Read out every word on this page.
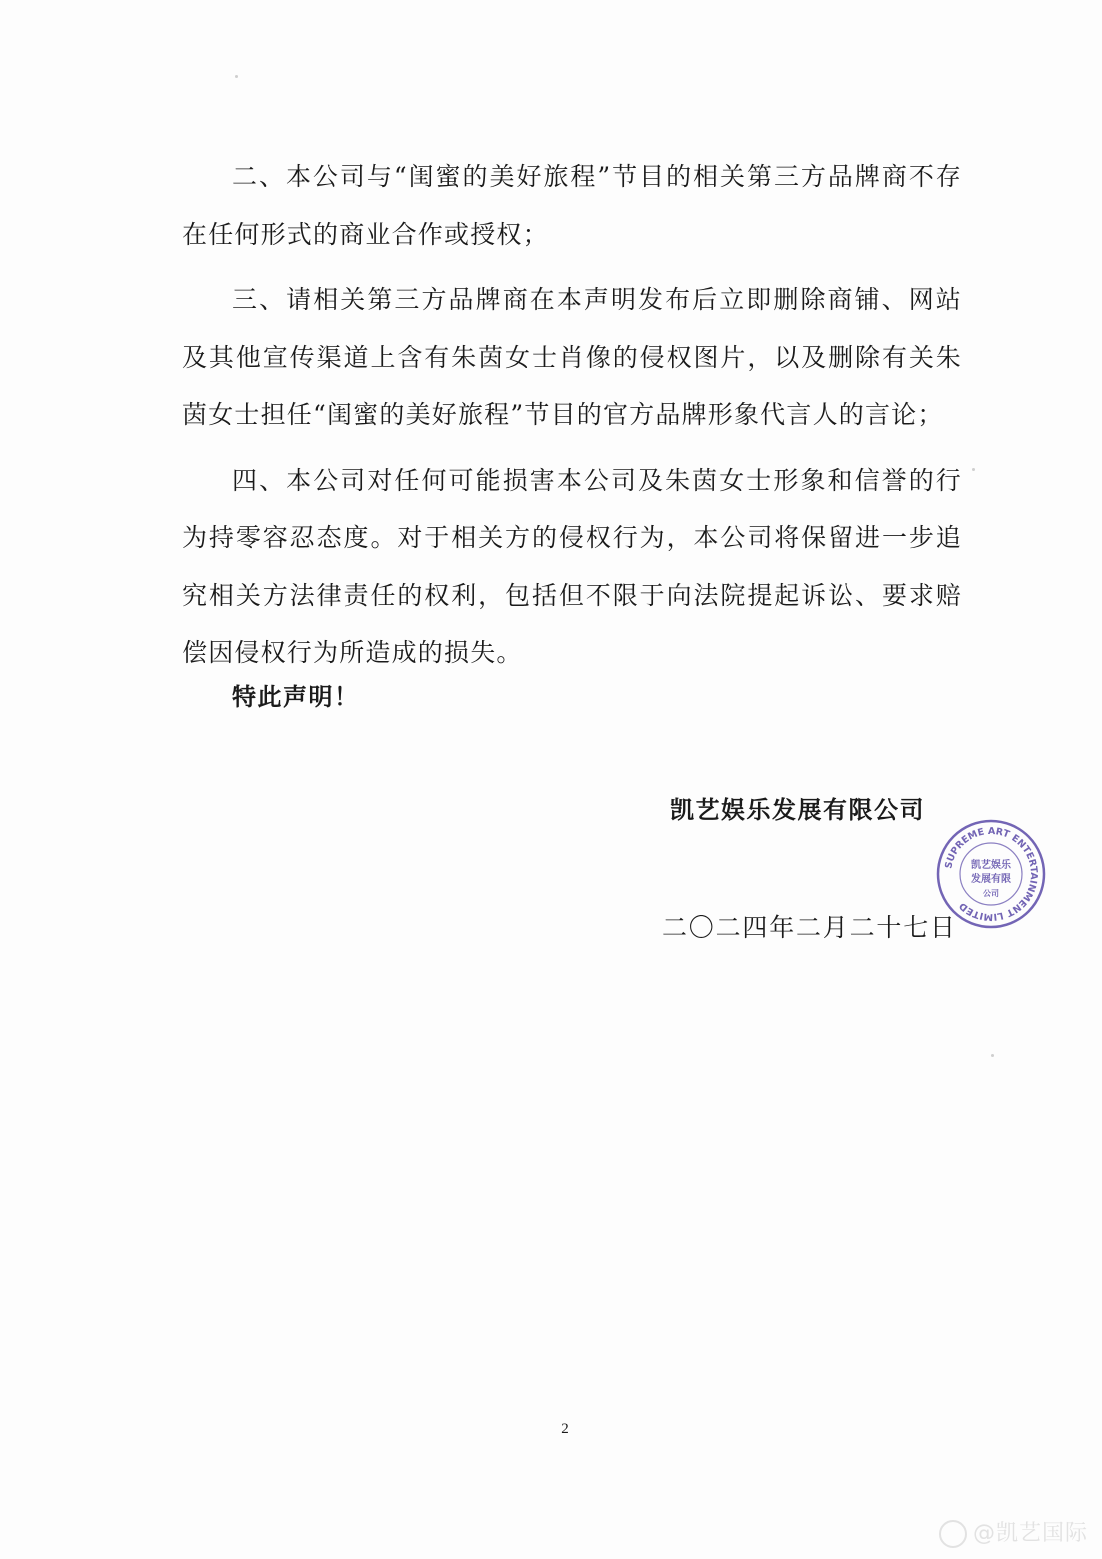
二、本公司与“闺蜜的美好旅程”节目的相关第三方品牌商不存在任何形式的商业合作或授权；

三、请相关第三方品牌商在本声明发布后立即删除商铺、网站及其他宣传渠道上含有朱茵女士肖像的侵权图片，以及删除有关朱茵女士担任“闺蜜的美好旅程”节目的官方品牌形象代言人的言论；

四、本公司对任何可能损害本公司及朱茵女士形象和信誉的行为持零容忍态度。对于相关方的侵权行为，本公司将保留进一步追究相关方法律责任的权利，包括但不限于向法院提起诉讼、要求赔偿因侵权行为所造成的损失。

特此声明！
凯艺娱乐发展有限公司
SUPREME ART ENTERTAINMENT LIMITED
凯艺娱乐
发展有限
公司
二〇二四年二月二十七日
2
@凯艺国际
